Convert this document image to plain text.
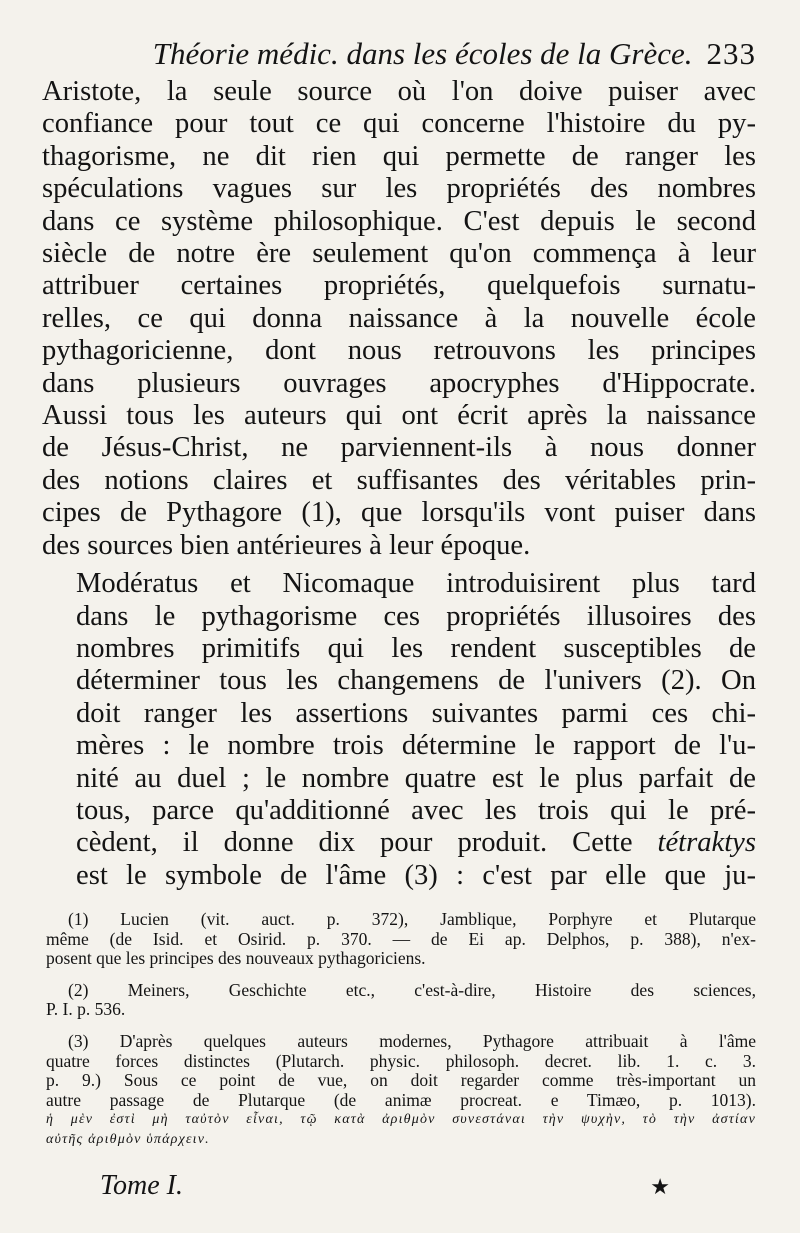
Théorie médic. dans les écoles de la Grèce. 233

Aristote, la seule source où l'on doive puiser avec
confiance pour tout ce qui concerne l'histoire du py-
thagorisme, ne dit rien qui permette de ranger les
spéculations vagues sur les propriétés des nombres
dans ce système philosophique. C'est depuis le second
siècle de notre ère seulement qu'on commença à leur
attribuer certaines propriétés, quelquefois surnatu-
relles, ce qui donna naissance à la nouvelle école
pythagoricienne, dont nous retrouvons les principes
dans plusieurs ouvrages apocryphes d'Hippocrate.
Aussi tous les auteurs qui ont écrit après la naissance
de Jésus-Christ, ne parviennent-ils à nous donner
des notions claires et suffisantes des véritables prin-
cipes de Pythagore (1), que lorsqu'ils vont puiser dans
des sources bien antérieures à leur époque.

Modératus et Nicomaque introduisirent plus tard
dans le pythagorisme ces propriétés illusoires des
nombres primitifs qui les rendent susceptibles de
déterminer tous les changemens de l'univers (2). On
doit ranger les assertions suivantes parmi ces chi-
mères : le nombre trois détermine le rapport de l'u-
nité au duel ; le nombre quatre est le plus parfait de
tous, parce qu'additionné avec les trois qui le pré-
cèdent, il donne dix pour produit. Cette tétraktys
est le symbole de l'âme (3) : c'est par elle que ju-

(1) Lucien (vit. auct. p. 372), Jamblique, Porphyre et Plutarque
même (de Isid. et Osirid. p. 370. — de Ei ap. Delphos, p. 388), n'ex-
posent que les principes des nouveaux pythagoriciens.
(2) Meiners, Geschichte etc., c'est-à-dire, Histoire des sciences,
P. I. p. 536.
(3) D'après quelques auteurs modernes, Pythagore attribuait à l'âme
quatre forces distinctes (Plutarch. physic. philosoph. decret. lib. 1. c. 3.
p. 9.) Sous ce point de vue, on doit regarder comme très-important un
autre passage de Plutarque (de animæ procreat. e Timæo, p. 1013).
ἡ μὲν ἐστὶ μὴ ταὐτὸν εἶναι, τῷ κατὰ ἀριθμὸν συνεστάναι τὴν ψυχὴν, τὸ τὴν ἀστίαν
αὐτῆς ἀριθμὸν ὑπάρχειν.
Tome I.	★
